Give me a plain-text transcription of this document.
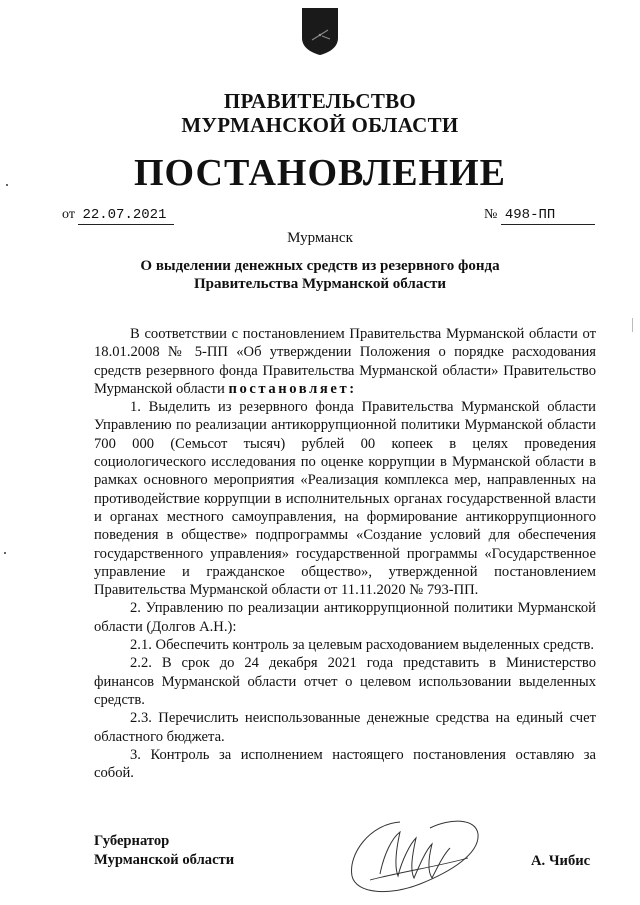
ПРАВИТЕЛЬСТВО
МУРМАНСКОЙ ОБЛАСТИ
ПОСТАНОВЛЕНИЕ
от 22.07.2021	№ 498-ПП
Мурманск
О выделении денежных средств из резервного фонда
Правительства Мурманской области

В соответствии с постановлением Правительства Мурманской области от 18.01.2008 № 5-ПП «Об утверждении Положения о порядке расходования средств резервного фонда Правительства Мурманской области» Правительство Мурманской области постановляет:

1. Выделить из резервного фонда Правительства Мурманской области Управлению по реализации антикоррупционной политики Мурманской области 700 000 (Семьсот тысяч) рублей 00 копеек в целях проведения социологического исследования по оценке коррупции в Мурманской области в рамках основного мероприятия «Реализация комплекса мер, направленных на противодействие коррупции в исполнительных органах государственной власти и органах местного самоуправления, на формирование антикоррупционного поведения в обществе» подпрограммы «Создание условий для обеспечения государственного управления» государственной программы «Государственное управление и гражданское общество», утвержденной постановлением Правительства Мурманской области от 11.11.2020 № 793-ПП.

2. Управлению по реализации антикоррупционной политики Мурманской области (Долгов А.Н.):

2.1. Обеспечить контроль за целевым расходованием выделенных средств.

2.2. В срок до 24 декабря 2021 года представить в Министерство финансов Мурманской области отчет о целевом использовании выделенных средств.

2.3. Перечислить неиспользованные денежные средства на единый счет областного бюджета.

3. Контроль за исполнением настоящего постановления оставляю за собой.

Губернатор
Мурманской области	А. Чибис
